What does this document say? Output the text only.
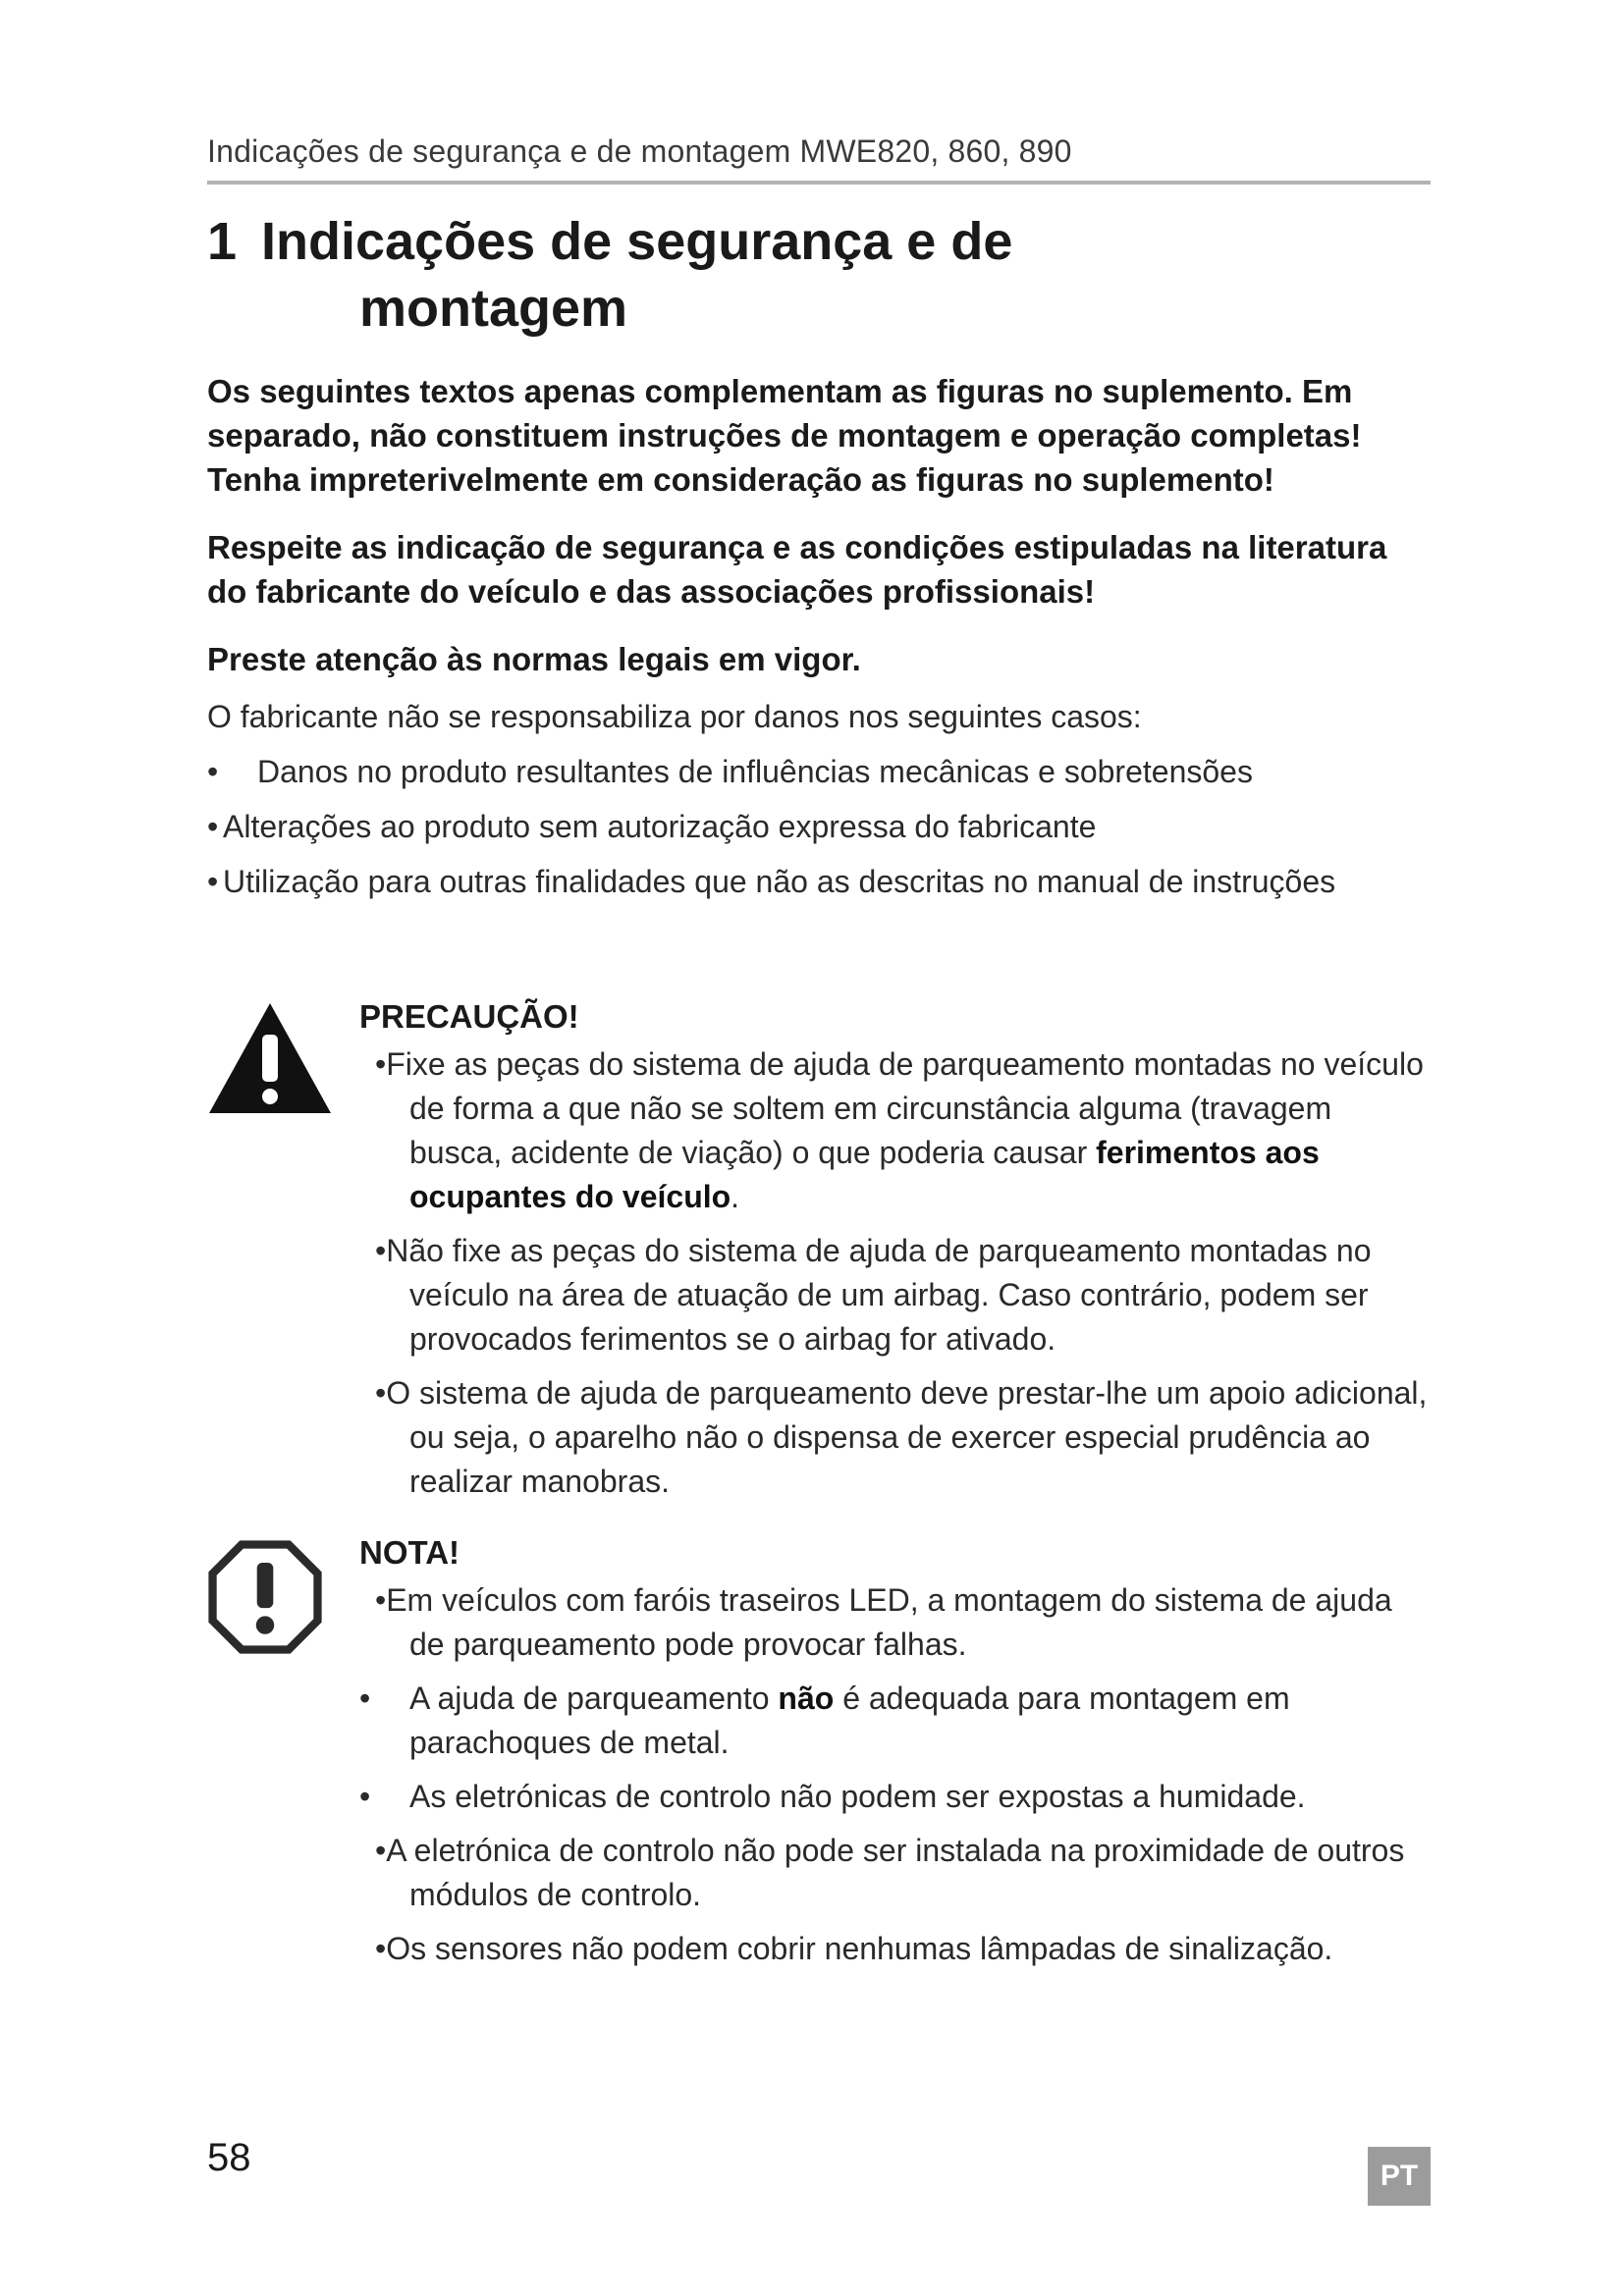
Indicações de segurança e de montagem MWE820, 860, 890
1 Indicações de segurança e de
montagem

Os seguintes textos apenas complementam as figuras no suplemento. Em separado, não constituem instruções de montagem e operação completas! Tenha impreterivelmente em consideração as figuras no suplemento!

Respeite as indicação de segurança e as condições estipuladas na literatura do fabricante do veículo e das associações profissionais!

Preste atenção às normas legais em vigor.

O fabricante não se responsabiliza por danos nos seguintes casos:

• Danos no produto resultantes de influências mecânicas e sobretensões
• Alterações ao produto sem autorização expressa do fabricante
• Utilização para outras finalidades que não as descritas no manual de instruções
PRECAUÇÃO!
•Fixe as peças do sistema de ajuda de parqueamento montadas no veículo de forma a que não se soltem em circunstância alguma (travagem busca, acidente de viação) o que poderia causar ferimentos aos ocupantes do veículo.
•Não fixe as peças do sistema de ajuda de parqueamento montadas no veículo na área de atuação de um airbag. Caso contrário, podem ser provocados ferimentos se o airbag for ativado.
•O sistema de ajuda de parqueamento deve prestar-lhe um apoio adicional, ou seja, o aparelho não o dispensa de exercer especial prudência ao realizar manobras.
NOTA!
•Em veículos com faróis traseiros LED, a montagem do sistema de ajuda de parqueamento pode provocar falhas.
• A ajuda de parqueamento não é adequada para montagem em parachoques de metal.
• As eletrónicas de controlo não podem ser expostas a humidade.
•A eletrónica de controlo não pode ser instalada na proximidade de outros módulos de controlo.
•Os sensores não podem cobrir nenhumas lâmpadas de sinalização.
58	PT
